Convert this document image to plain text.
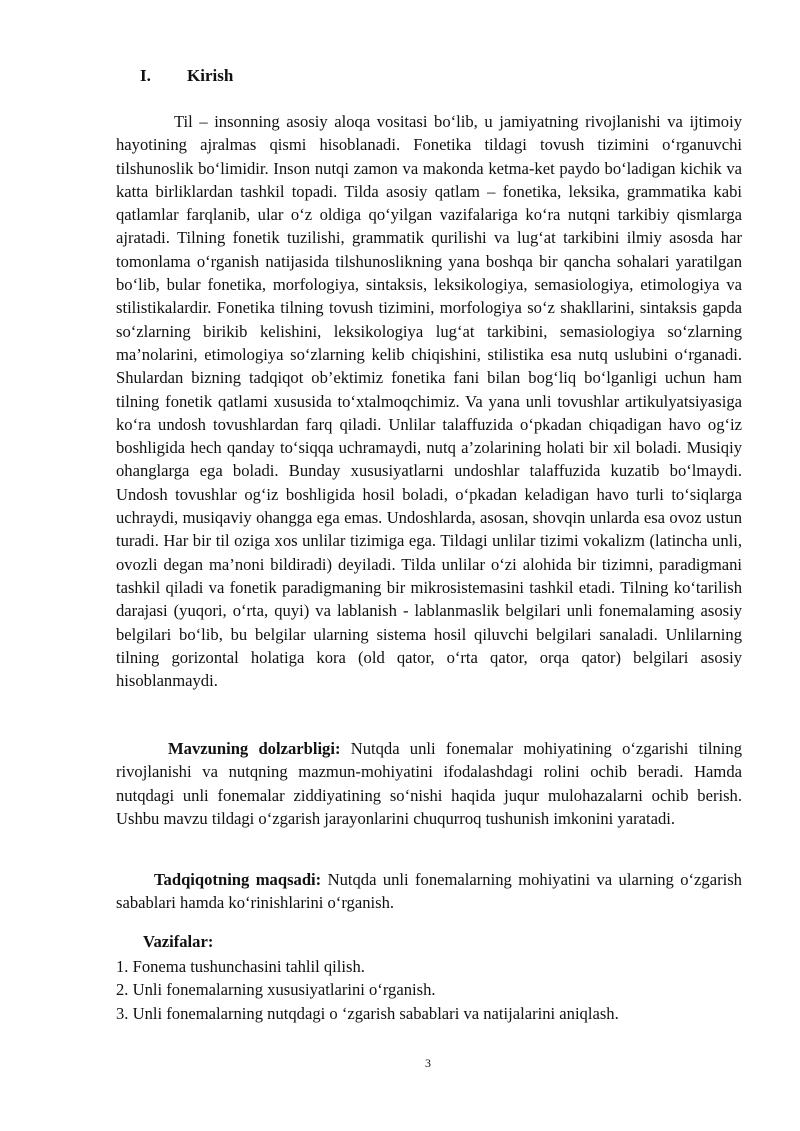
I. Kirish

Til – insonning asosiy aloqa vositasi bo‘lib, u jamiyatning rivojlanishi va ijtimoiy hayotining ajralmas qismi hisoblanadi. Fonetika tildagi tovush tizimini o‘rganuvchi tilshunoslik bo‘limidir. Inson nutqi zamon va makonda ketma-ket paydo bo‘ladigan kichik va katta birliklardan tashkil topadi. Tilda asosiy qatlam – fonetika, leksika, grammatika kabi qatlamlar farqlanib, ular o‘z oldiga qo‘yilgan vazifalariga ko‘ra nutqni tarkibiy qismlarga ajratadi. Tilning fonetik tuzilishi, grammatik qurilishi va lug‘at tarkibini ilmiy asosda har tomonlama o‘rganish natijasida tilshunoslikning yana boshqa bir qancha sohalari yaratilgan bo‘lib, bular fonetika, morfologiya, sintaksis, leksikologiya, semasiologiya, etimologiya va stilistikalardir. Fonetika tilning tovush tizimini, morfologiya so‘z shakllarini, sintaksis gapda so‘zlarning birikib kelishini, leksikologiya lug‘at tarkibini, semasiologiya so‘zlarning ma’nolarini, etimologiya so‘zlarning kelib chiqishini, stilistika esa nutq uslubini o‘rganadi. Shulardan bizning tadqiqot ob’ektimiz fonetika fani bilan bog‘liq bo‘lganligi uchun ham tilning fonetik qatlami xususida to‘xtalmoqchimiz. Va yana unli tovushlar artikulyatsiyasiga ko‘ra undosh tovushlardan farq qiladi. Unlilar talaffuzida o‘pkadan chiqadigan havo og‘iz boshligida hech qanday to‘siqqa uchramaydi, nutq a’zolarining holati bir xil boladi. Musiqiy ohanglarga ega boladi. Bunday xususiyatlarni undoshlar talaffuzida kuzatib bo‘lmaydi. Undosh tovushlar og‘iz boshligida hosil boladi, o‘pkadan keladigan havo turli to‘siqlarga uchraydi, musiqaviy ohangga ega emas. Undoshlarda, asosan, shovqin unlarda esa ovoz ustun turadi. Har bir til oziga xos unlilar tizimiga ega. Tildagi unlilar tizimi vokalizm (latincha unli, ovozli degan ma’noni bildiradi) deyiladi. Tilda unlilar o‘zi alohida bir tizimni, paradigmani tashkil qiladi va fonetik paradigmaning bir mikrosistemasini tashkil etadi. Tilning ko‘tarilish darajasi (yuqori, o‘rta, quyi) va lablanish - lablanmaslik belgilari unli fonemalaming asosiy belgilari bo‘lib, bu belgilar ularning sistema hosil qiluvchi belgilari sanaladi. Unlilarning tilning gorizontal holatiga kora (old qator, o‘rta qator, orqa qator) belgilari asosiy hisoblanmaydi.

Mavzuning dolzarbligi: Nutqda unli fonemalar mohiyatining o‘zgarishi tilning rivojlanishi va nutqning mazmun-mohiyatini ifodalashdagi rolini ochib beradi. Hamda nutqdagi unli fonemalar ziddiyatining so‘nishi haqida juqur mulohazalarni ochib berish. Ushbu mavzu tildagi o‘zgarish jarayonlarini chuqurroq tushunish imkonini yaratadi.

Tadqiqotning maqsadi: Nutqda unli fonemalarning mohiyatini va ularning o‘zgarish sabablari hamda ko‘rinishlarini o‘rganish.

Vazifalar:
1. Fonema tushunchasini tahlil qilish.
2. Unli fonemalarning xususiyatlarini o‘rganish.
3. Unli fonemalarning nutqdagi o ‘zgarish sabablari va natijalarini aniqlash.
3
